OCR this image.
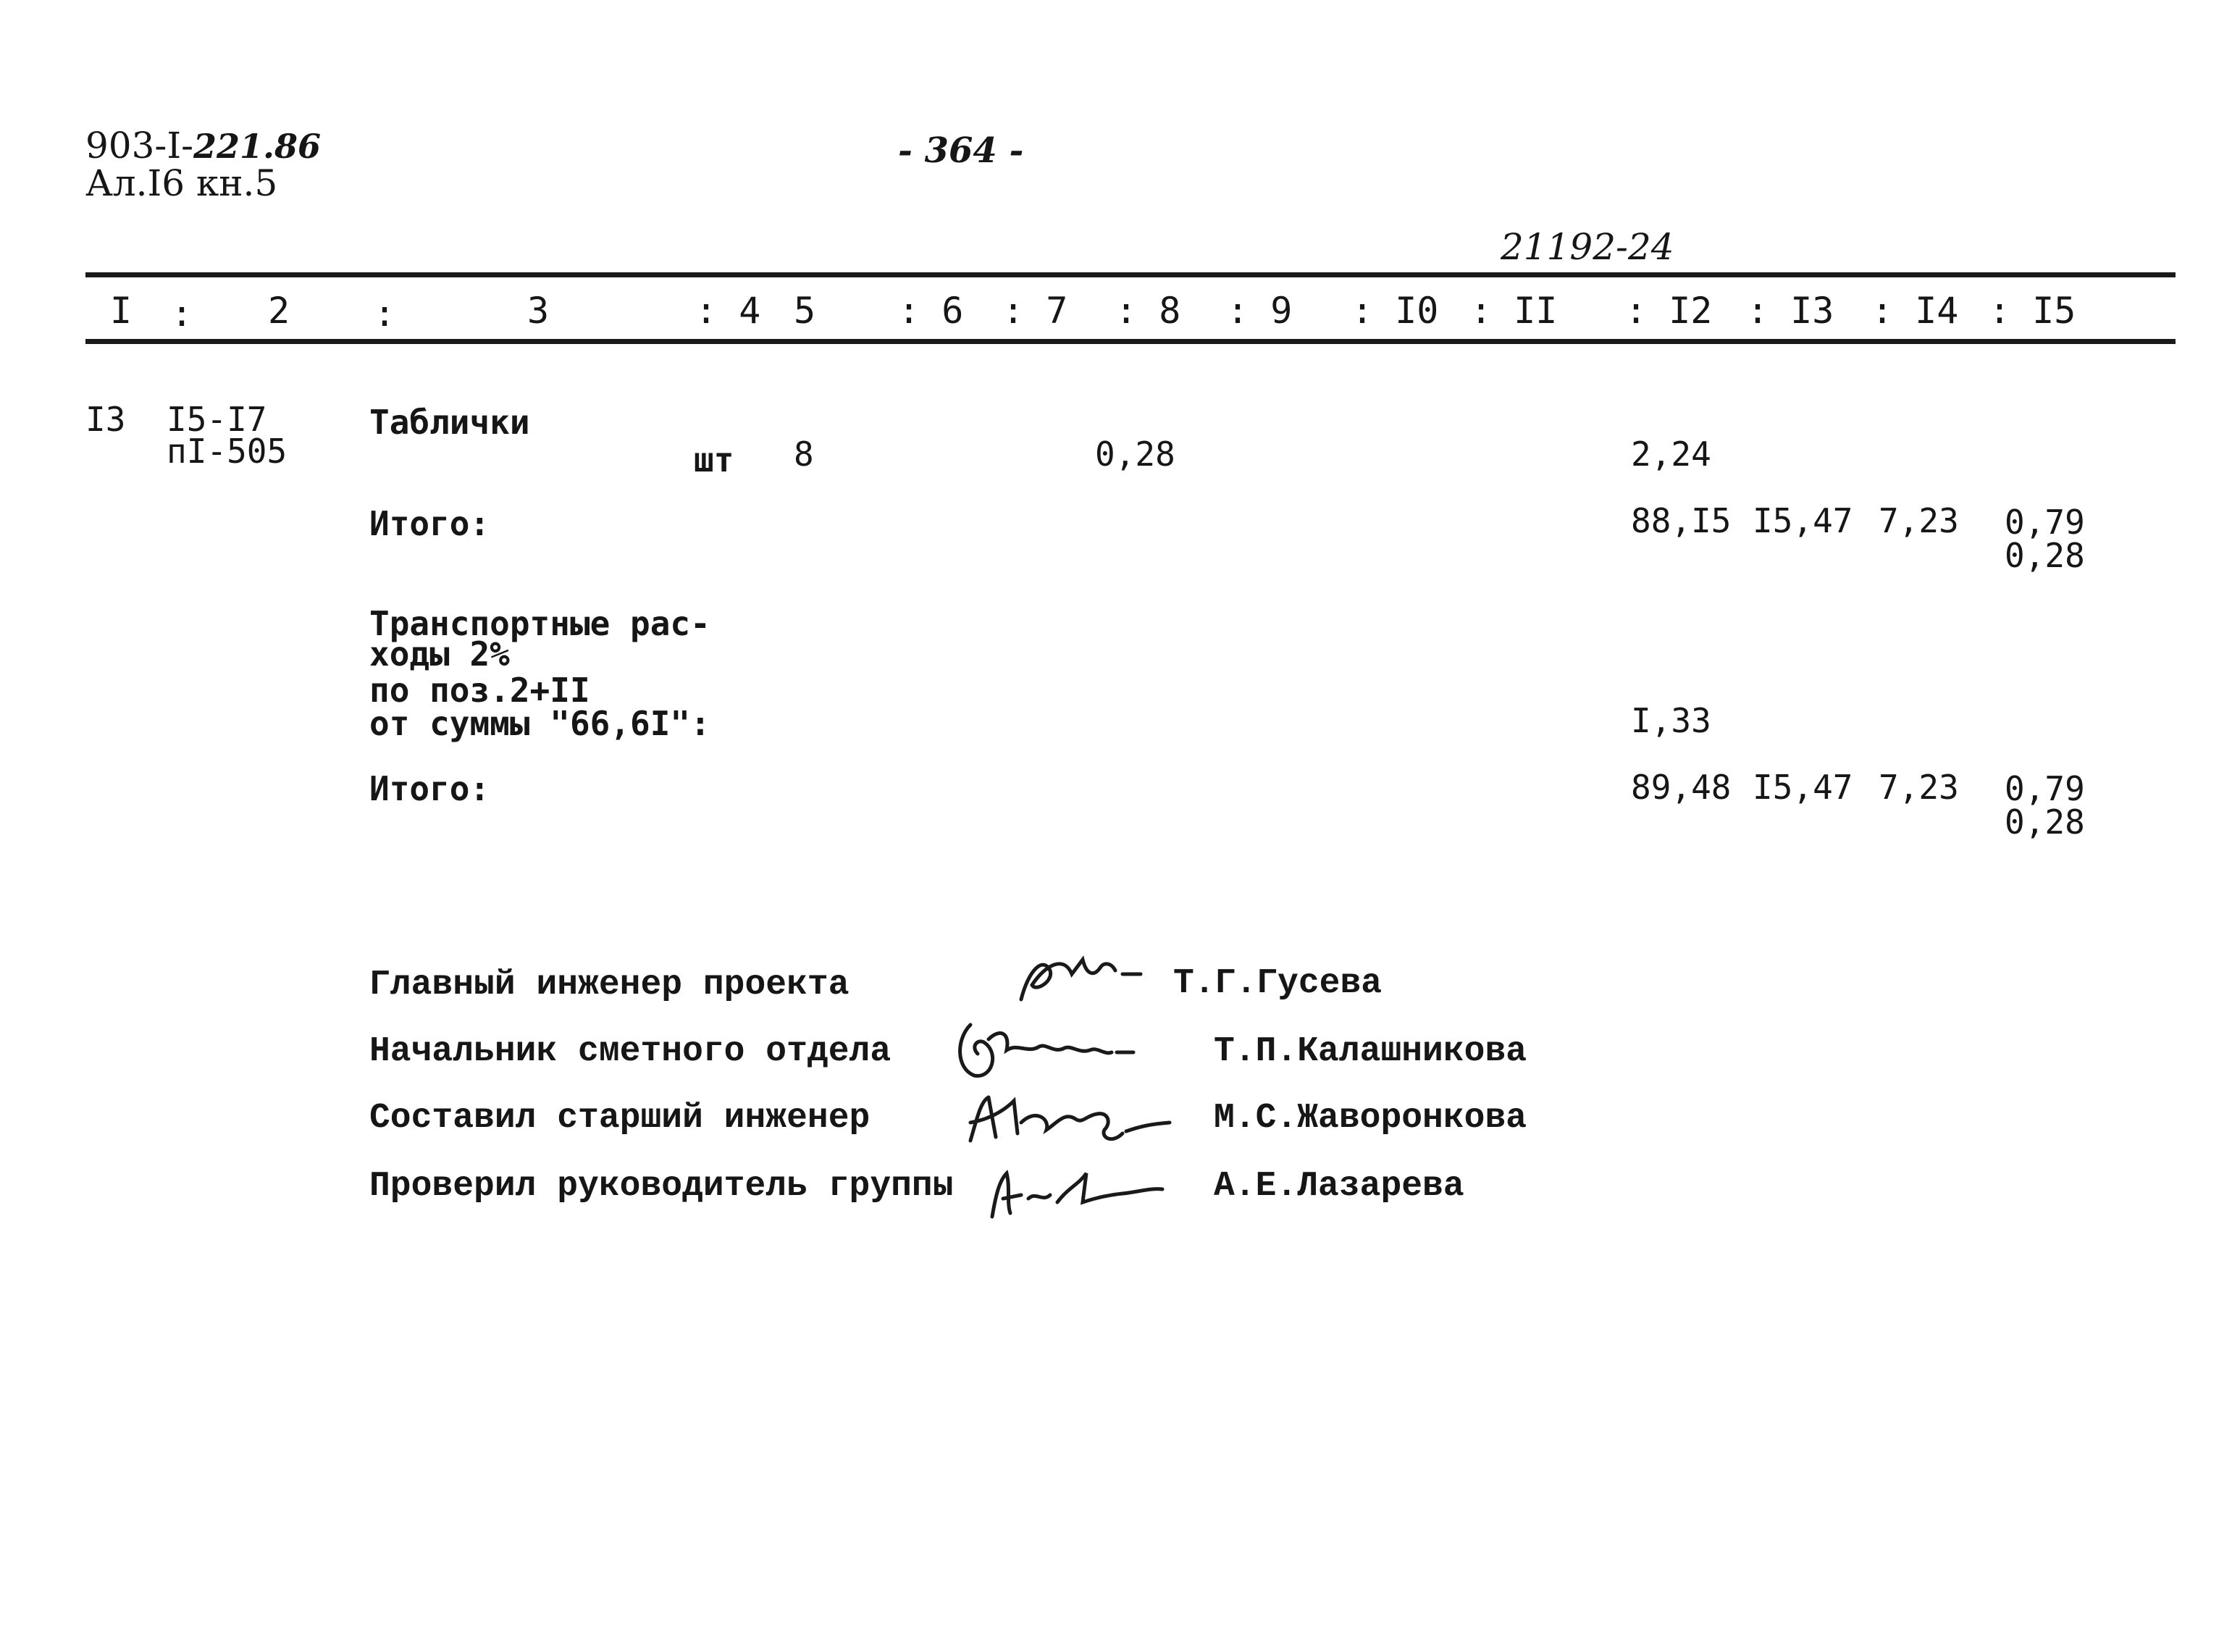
903-I-221.86
Ал.I6 кн.5
- 364 -
21192-24
I : 2 :	3	: 4 5 : 6 : 7 : 8 : 9 : I0 : II : I2 : I3 : I4 : I5
I3 I5-I7
пI-505
Таблички
шт 8	0,28	2,24
Итого:	88,I5 I5,47 7,23 0,79
0,28
Транспортные рас-
ходы 2%
по поз.2+II
от суммы "66,6I":	I,33
Итого:	89,48 I5,47 7,23 0,79
0,28
Главный инженер проекта	Т.Г.Гусева
Начальник сметного отдела	Т.П.Калашникова
Составил старший инженер	М.С.Жаворонкова
Проверил руководитель группы	А.Е.Лазарева
